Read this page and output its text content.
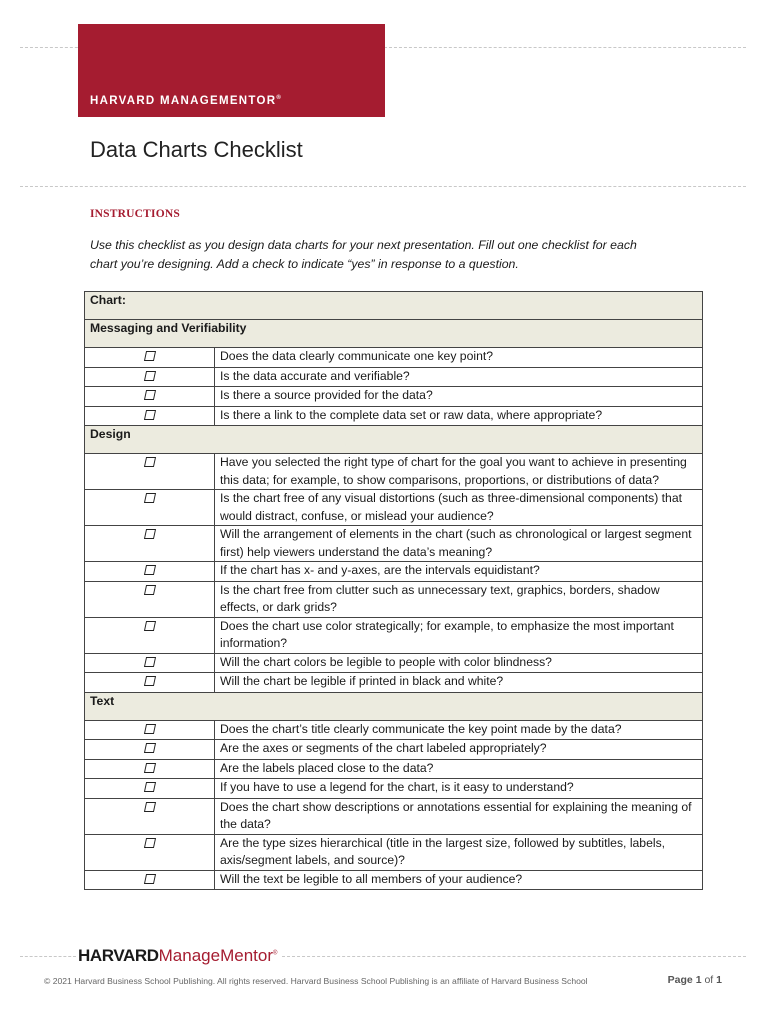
HARVARD MANAGEMENTOR®
Data Charts Checklist
INSTRUCTIONS
Use this checklist as you design data charts for your next presentation. Fill out one checklist for each chart you’re designing. Add a check to indicate “yes” in response to a question.
Chart:	
Messaging and Verifiability	
	Does the data clearly communicate one key point?
	Is the data accurate and verifiable?
	Is there a source provided for the data?
	Is there a link to the complete data set or raw data, where appropriate?
Design	
	Have you selected the right type of chart for the goal you want to achieve in presenting this data; for example, to show comparisons, proportions, or distributions of data?
	Is the chart free of any visual distortions (such as three-dimensional components) that would distract, confuse, or mislead your audience?
	Will the arrangement of elements in the chart (such as chronological or largest segment first) help viewers understand the data’s meaning?
	If the chart has x- and y-axes, are the intervals equidistant?
	Is the chart free from clutter such as unnecessary text, graphics, borders, shadow effects, or dark grids?
	Does the chart use color strategically; for example, to emphasize the most important information?
	Will the chart colors be legible to people with color blindness?
	Will the chart be legible if printed in black and white?
Text	
	Does the chart’s title clearly communicate the key point made by the data?
	Are the axes or segments of the chart labeled appropriately?
	Are the labels placed close to the data?
	If you have to use a legend for the chart, is it easy to understand?
	Does the chart show descriptions or annotations essential for explaining the meaning of the data?
	Are the type sizes hierarchical (title in the largest size, followed by subtitles, labels, axis/segment labels, and source)?
	Will the text be legible to all members of your audience?
HARVARDManageMentor®
© 2021 Harvard Business School Publishing. All rights reserved. Harvard Business School Publishing is an affiliate of Harvard Business School	Page 1 of 1
